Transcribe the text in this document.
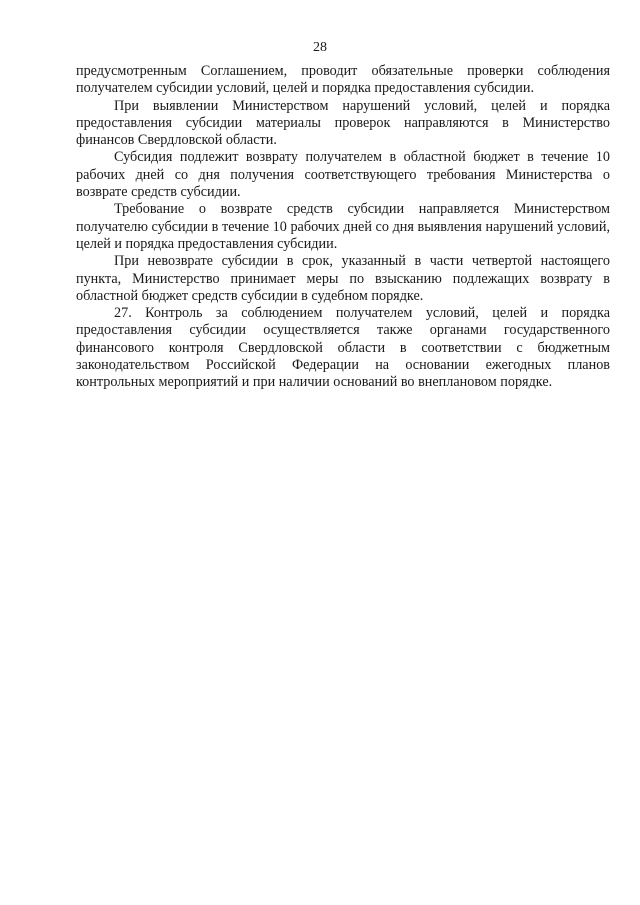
28

предусмотренным Соглашением, проводит обязательные проверки соблюдения получателем субсидии условий, целей и порядка предоставления субсидии.

При выявлении Министерством нарушений условий, целей и порядка предоставления субсидии материалы проверок направляются в Министерство финансов Свердловской области.

Субсидия подлежит возврату получателем в областной бюджет в течение 10 рабочих дней со дня получения соответствующего требования Министерства о возврате средств субсидии.

Требование о возврате средств субсидии направляется Министерством получателю субсидии в течение 10 рабочих дней со дня выявления нарушений условий, целей и порядка предоставления субсидии.

При невозврате субсидии в срок, указанный в части четвертой настоящего пункта, Министерство принимает меры по взысканию подлежащих возврату в областной бюджет средств субсидии в судебном порядке.

27. Контроль за соблюдением получателем условий, целей и порядка предоставления субсидии осуществляется также органами государственного финансового контроля Свердловской области в соответствии с бюджетным законодательством Российской Федерации на основании ежегодных планов контрольных мероприятий и при наличии оснований во внеплановом порядке.
